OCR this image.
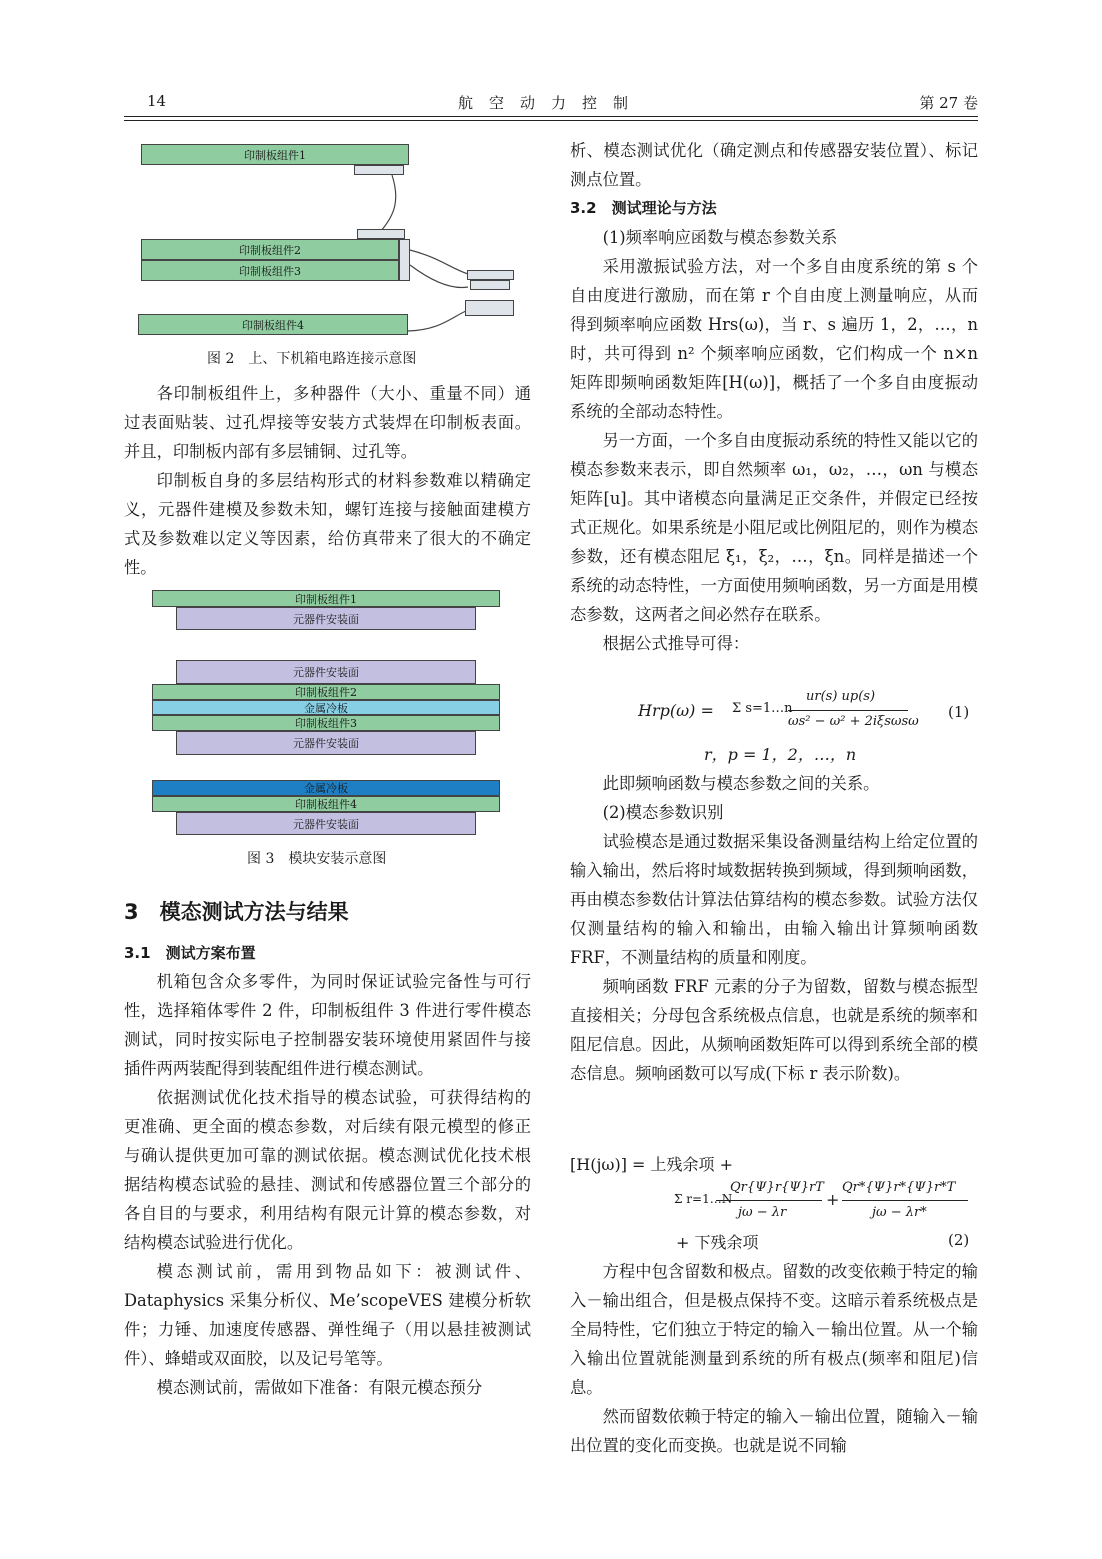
14	航空动力控制	第 27 卷
印制板组件1
印制板组件2
印制板组件3
印制板组件4
图 2　上、下机箱电路连接示意图

各印制板组件上，多种器件（大小、重量不同）通过表面贴装、过孔焊接等安装方式装焊在印制板表面。并且，印制板内部有多层铺铜、过孔等。

印制板自身的多层结构形式的材料参数难以精确定义，元器件建模及参数未知，螺钉连接与接触面建模方式及参数难以定义等因素，给仿真带来了很大的不确定性。

印制板组件1
元器件安装面
元器件安装面
印制板组件2
金属冷板
印制板组件3
元器件安装面
金属冷板
印制板组件4
元器件安装面
图 3　模块安装示意图
3　模态测试方法与结果
3.1　测试方案布置

机箱包含众多零件，为同时保证试验完备性与可行性，选择箱体零件 2 件，印制板组件 3 件进行零件模态测试，同时按实际电子控制器安装环境使用紧固件与接插件两两装配得到装配组件进行模态测试。

依据测试优化技术指导的模态试验，可获得结构的更准确、更全面的模态参数，对后续有限元模型的修正与确认提供更加可靠的测试依据。模态测试优化技术根据结构模态试验的悬挂、测试和传感器位置三个部分的各自目的与要求，利用结构有限元计算的模态参数，对结构模态试验进行优化。

模态测试前，需用到物品如下：被测试件、Dataphysics 采集分析仪、Me’scopeVES 建模分析软件；力锤、加速度传感器、弹性绳子（用以悬挂被测试件）、蜂蜡或双面胶，以及记号笔等。

模态测试前，需做如下准备：有限元模态预分

析、模态测试优化（确定测点和传感器安装位置）、标记测点位置。

3.2　测试理论与方法

(1)频率响应函数与模态参数关系

采用激振试验方法，对一个多自由度系统的第 s 个自由度进行激励，而在第 r 个自由度上测量响应，从而得到频率响应函数 Hrs(ω)，当 r、s 遍历 1，2，…，n 时，共可得到 n² 个频率响应函数，它们构成一个 n×n 矩阵即频响函数矩阵[H(ω)]，概括了一个多自由度振动系统的全部动态特性。

另一方面，一个多自由度振动系统的特性又能以它的模态参数来表示，即自然频率 ω₁，ω₂，…，ωn 与模态矩阵[u]。其中诸模态向量满足正交条件，并假定已经按式正规化。如果系统是小阻尼或比例阻尼的，则作为模态参数，还有模态阻尼 ξ₁，ξ₂，…，ξn。同样是描述一个系统的动态特性，一方面使用频响函数，另一方面是用模态参数，这两者之间必然存在联系。

根据公式推导可得：

Hrp(ω) = Σ s=1…n
ur(s) up(s)
ωs² − ω² + 2iξsωsω
(1)
r，p = 1，2，…，n

此即频响函数与模态参数之间的关系。

(2)模态参数识别

试验模态是通过数据采集设备测量结构上给定位置的输入输出，然后将时域数据转换到频域，得到频响函数，再由模态参数估计算法估算结构的模态参数。试验方法仅仅测量结构的输入和输出，由输入输出计算频响函数 FRF，不测量结构的质量和刚度。

频响函数 FRF 元素的分子为留数，留数与模态振型直接相关；分母包含系统极点信息，也就是系统的频率和阻尼信息。因此，从频响函数矩阵可以得到系统全部的模态信息。频响函数可以写成(下标 r 表示阶数)。

[H(jω)] = 上残余项 +
Σ r=1…N
Qr{Ψ}r{Ψ}rT
jω − λr
+
Qr*{Ψ}r*{Ψ}r*T
jω − λr*
+ 下残余项	(2)

方程中包含留数和极点。留数的改变依赖于特定的输入－输出组合，但是极点保持不变。这暗示着系统极点是全局特性，它们独立于特定的输入－输出位置。从一个输入输出位置就能测量到系统的所有极点(频率和阻尼)信息。

然而留数依赖于特定的输入－输出位置，随输入－输出位置的变化而变换。也就是说不同输
